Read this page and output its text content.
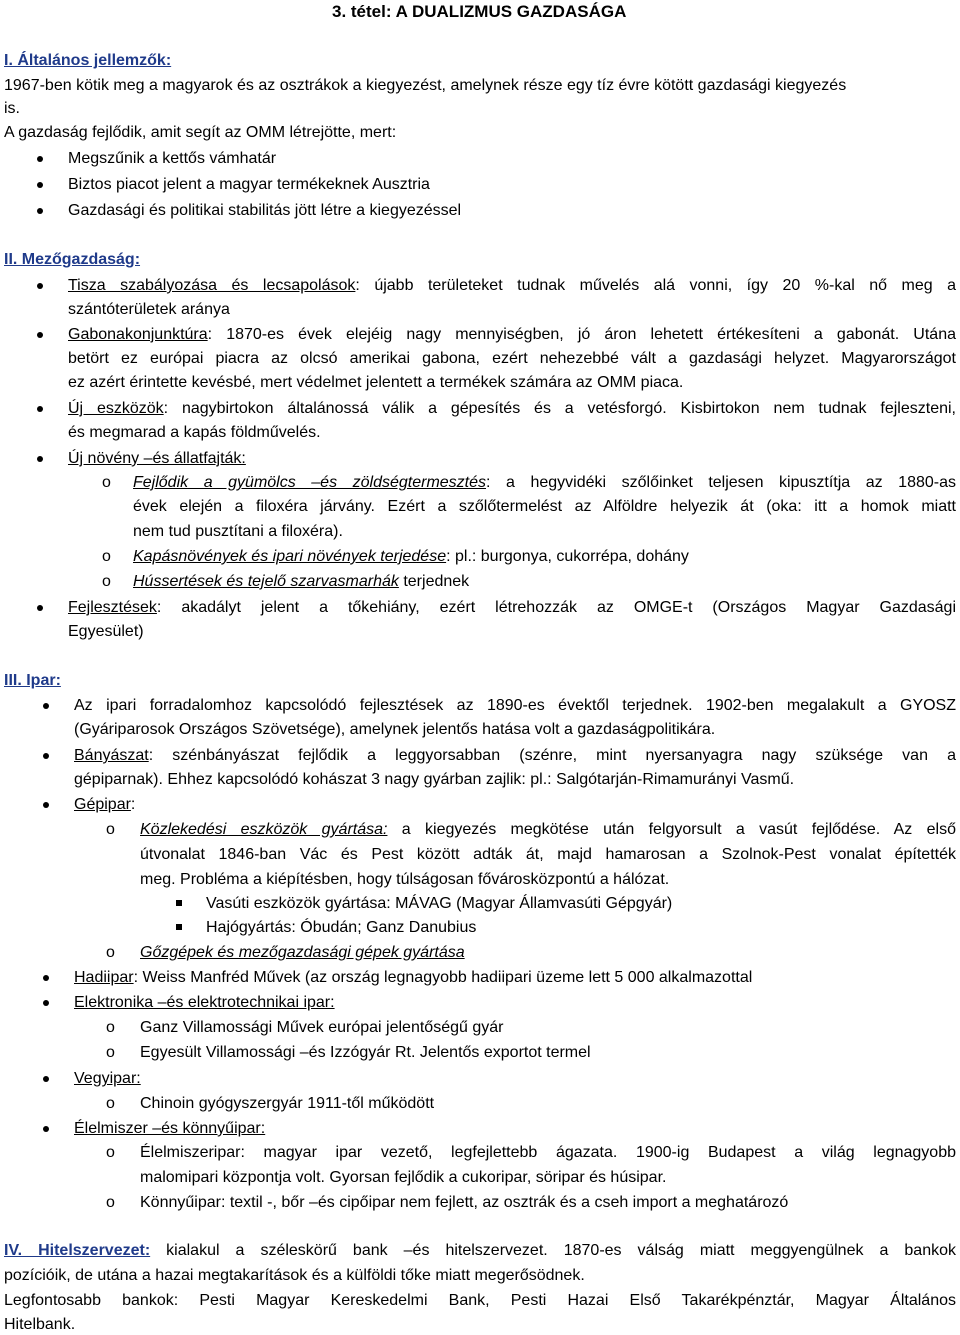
3. tétel: A DUALIZMUS GAZDASÁGA
I. Általános jellemzők:
1967-ben kötik meg a magyarok és az osztrákok a kiegyezést, amelynek része egy tíz évre kötött gazdasági kiegyezés
is.
A gazdaság fejlődik, amit segít az OMM létrejötte, mert:
Megszűnik a kettős vámhatár
Biztos piacot jelent a magyar termékeknek Ausztria
Gazdasági és politikai stabilitás jött létre a kiegyezéssel
II. Mezőgazdaság:
Tisza szabályozása és lecsapolások: újabb területeket tudnak művelés alá vonni, így 20 %-kal nő meg a
szántóterületek aránya
Gabonakonjunktúra: 1870-es évek elejéig nagy mennyiségben, jó áron lehetett értékesíteni a gabonát. Utána
betört ez európai piacra az olcsó amerikai gabona, ezért nehezebbé vált a gazdasági helyzet. Magyarországot
ez azért érintette kevésbé, mert védelmet jelentett a termékek számára az OMM piaca.
Új eszközök: nagybirtokon általánossá válik a gépesítés és a vetésforgó. Kisbirtokon nem tudnak fejleszteni,
és megmarad a kapás földművelés.
Új növény –és állatfajták:
o Fejlődik a gyümölcs –és zöldségtermesztés: a hegyvidéki szőlőinket teljesen kipusztítja az 1880-as
évek elején a filoxéra járvány. Ezért a szőlőtermelést az Alföldre helyezik át (oka: itt a homok miatt
nem tud pusztítani a filoxéra).
o Kapásnövények és ipari növények terjedése: pl.: burgonya, cukorrépa, dohány
o Hússertések és tejelő szarvasmarhák terjednek
Fejlesztések: akadályt jelent a tőkehiány, ezért létrehozzák az OMGE-t (Országos Magyar Gazdasági
Egyesület)
III. Ipar:
Az ipari forradalomhoz kapcsolódó fejlesztések az 1890-es évektől terjednek. 1902-ben megalakult a GYOSZ
(Gyáriparosok Országos Szövetsége), amelynek jelentős hatása volt a gazdaságpolitikára.
Bányászat: szénbányászat fejlődik a leggyorsabban (szénre, mint nyersanyagra nagy szüksége van a
gépiparnak). Ehhez kapcsolódó kohászat 3 nagy gyárban zajlik: pl.: Salgótarján-Rimamurányi Vasmű.
Gépipar:
o Közlekedési eszközök gyártása: a kiegyezés megkötése után felgyorsult a vasút fejlődése. Az első
útvonalat 1846-ban Vác és Pest között adták át, majd hamarosan a Szolnok-Pest vonalat építették
meg. Probléma a kiépítésben, hogy túlságosan fővárosközpontú a hálózat.
Vasúti eszközök gyártása: MÁVAG (Magyar Államvasúti Gépgyár)
Hajógyártás: Óbudán; Ganz Danubius
o Gőzgépek és mezőgazdasági gépek gyártása
Hadiipar: Weiss Manfréd Művek (az ország legnagyobb hadiipari üzeme lett 5 000 alkalmazottal
Elektronika –és elektrotechnikai ipar:
o Ganz Villamossági Művek európai jelentőségű gyár
o Egyesült Villamossági –és Izzógyár Rt. Jelentős exportot termel
Vegyipar:
o Chinoin gyógyszergyár 1911-től működött
Élelmiszer –és könnyűipar:
o Élelmiszeripar: magyar ipar vezető, legfejlettebb ágazata. 1900-ig Budapest a világ legnagyobb
malomipari központja volt. Gyorsan fejlődik a cukoripar, söripar és húsipar.
o Könnyűipar: textil -, bőr –és cipőipar nem fejlett, az osztrák és a cseh import a meghatározó
IV. Hitelszervezet: kialakul a széleskörű bank –és hitelszervezet. 1870-es válság miatt meggyengülnek a bankok
pozícióik, de utána a hazai megtakarítások és a külföldi tőke miatt megerősödnek.
Legfontosabb bankok: Pesti Magyar Kereskedelmi Bank, Pesti Hazai Első Takarékpénztár, Magyar Általános
Hitelbank.
